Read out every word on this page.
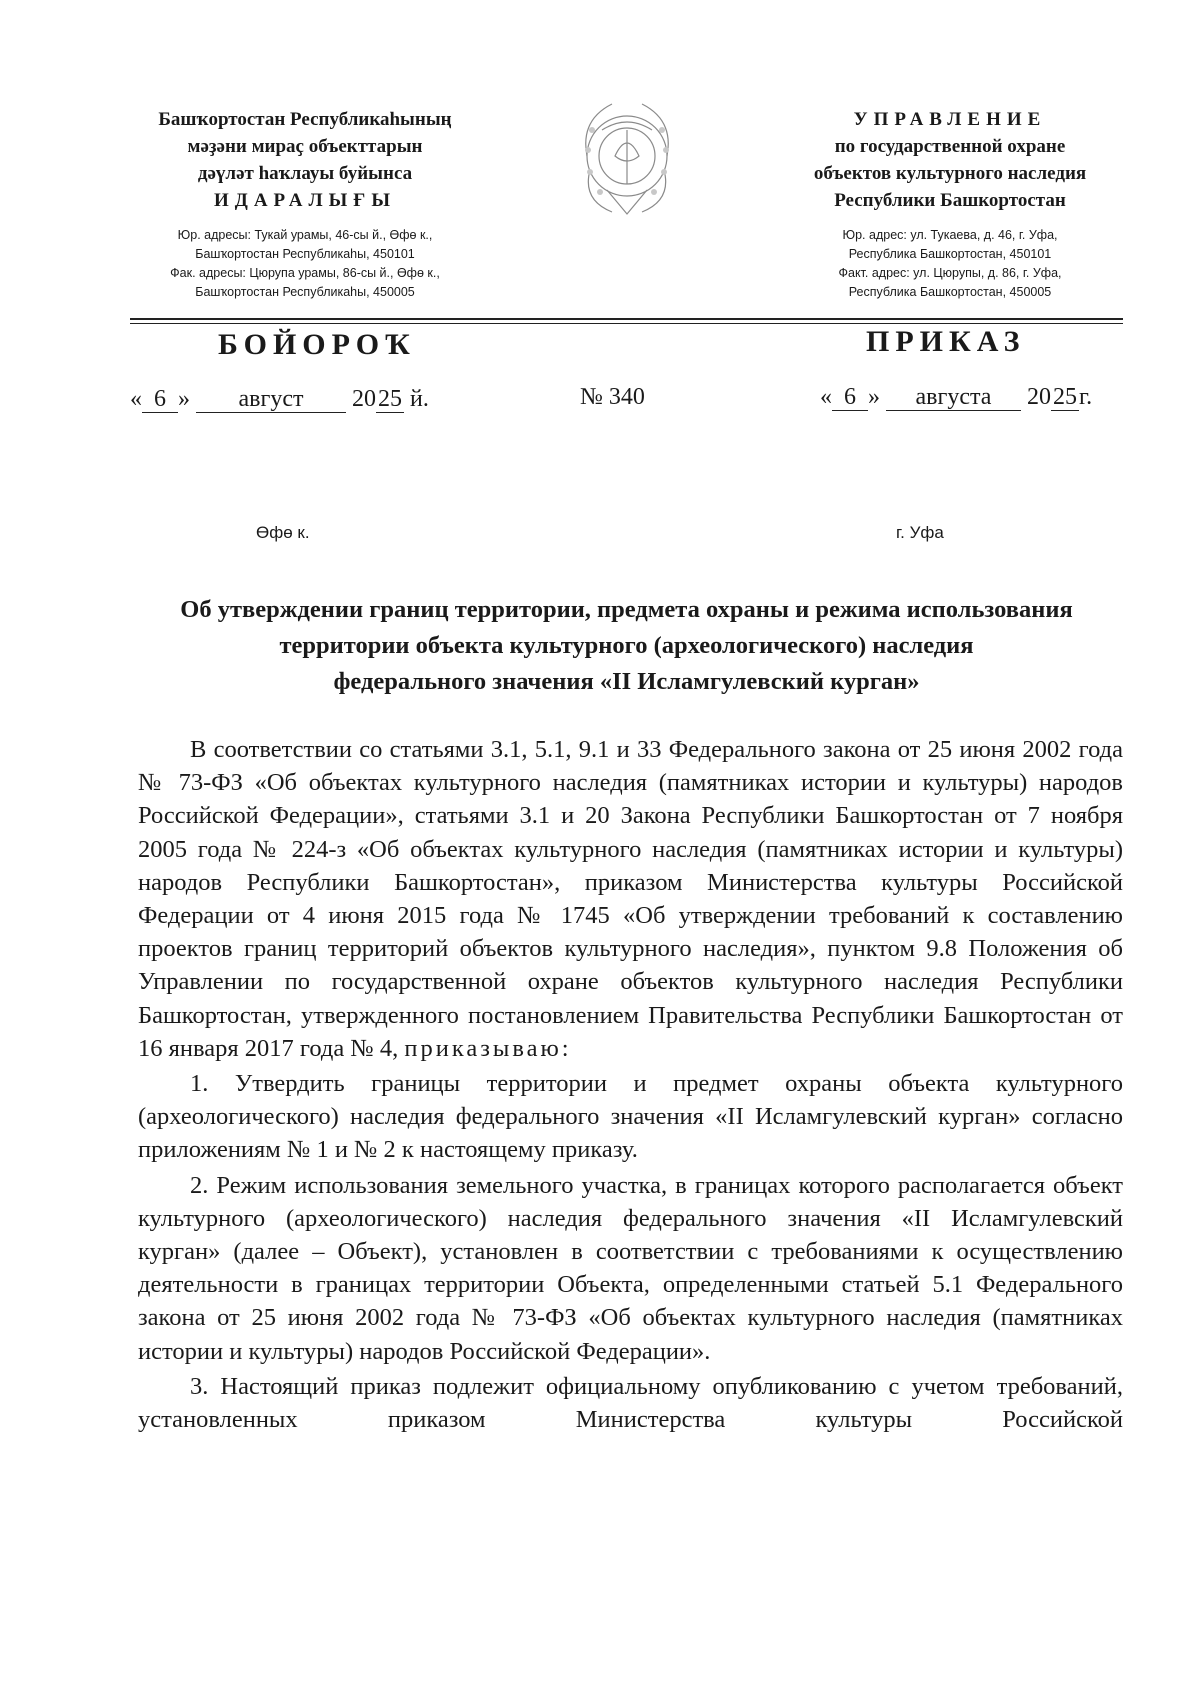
Башҡортостан Республикаһының
мәҙәни мираҫ объекттарын
дәүләт һаҡлауы буйынса
ИДАРАЛЫҒЫ
Юр. адресы: Тукай урамы, 46-сы й., Өфө к.,
Башҡортостан Республикаһы, 450101
Фак. адресы: Цюрупа урамы, 86-сы й., Өфө к.,
Башҡортостан Республикаһы, 450005
УПРАВЛЕНИЕ
по государственной охране
объектов культурного наследия
Республики Башкортостан
Юр. адрес: ул. Тукаева, д. 46, г. Уфа,
Республика Башкортостан, 450101
Факт. адрес: ул. Цюрупы, д. 86, г. Уфа,
Республика Башкортостан, 450005
БОЙОРОҠ	ПРИКАЗ
« 6 » август 2025 й.	№ 340	« 6 » августа 2025г.
Өфө к.	г. Уфа
Об утверждении границ территории, предмета охраны и режима использования
территории объекта культурного (археологического) наследия
федерального значения «II Исламгулевский курган»

В соответствии со статьями 3.1, 5.1, 9.1 и 33 Федерального закона от 25 июня 2002 года № 73-ФЗ «Об объектах культурного наследия (памятниках истории и культуры) народов Российской Федерации», статьями 3.1 и 20 Закона Республики Башкортостан от 7 ноября 2005 года № 224-з «Об объектах культурного наследия (памятниках истории и культуры) народов Республики Башкортостан», приказом Министерства культуры Российской Федерации от 4 июня 2015 года № 1745 «Об утверждении требований к составлению проектов границ территорий объектов культурного наследия», пунктом 9.8 Положения об Управлении по государственной охране объектов культурного наследия Республики Башкортостан, утвержденного постановлением Правительства Республики Башкортостан от 16 января 2017 года № 4, приказываю:

1. Утвердить границы территории и предмет охраны объекта культурного (археологического) наследия федерального значения «II Исламгулевский курган» согласно приложениям № 1 и № 2 к настоящему приказу.

2. Режим использования земельного участка, в границах которого располагается объект культурного (археологического) наследия федерального значения «II Исламгулевский курган» (далее – Объект), установлен в соответствии с требованиями к осуществлению деятельности в границах территории Объекта, определенными статьей 5.1 Федерального закона от 25 июня 2002 года № 73-ФЗ «Об объектах культурного наследия (памятниках истории и культуры) народов Российской Федерации».

3. Настоящий приказ подлежит официальному опубликованию с учетом требований, установленных приказом Министерства культуры Российской
